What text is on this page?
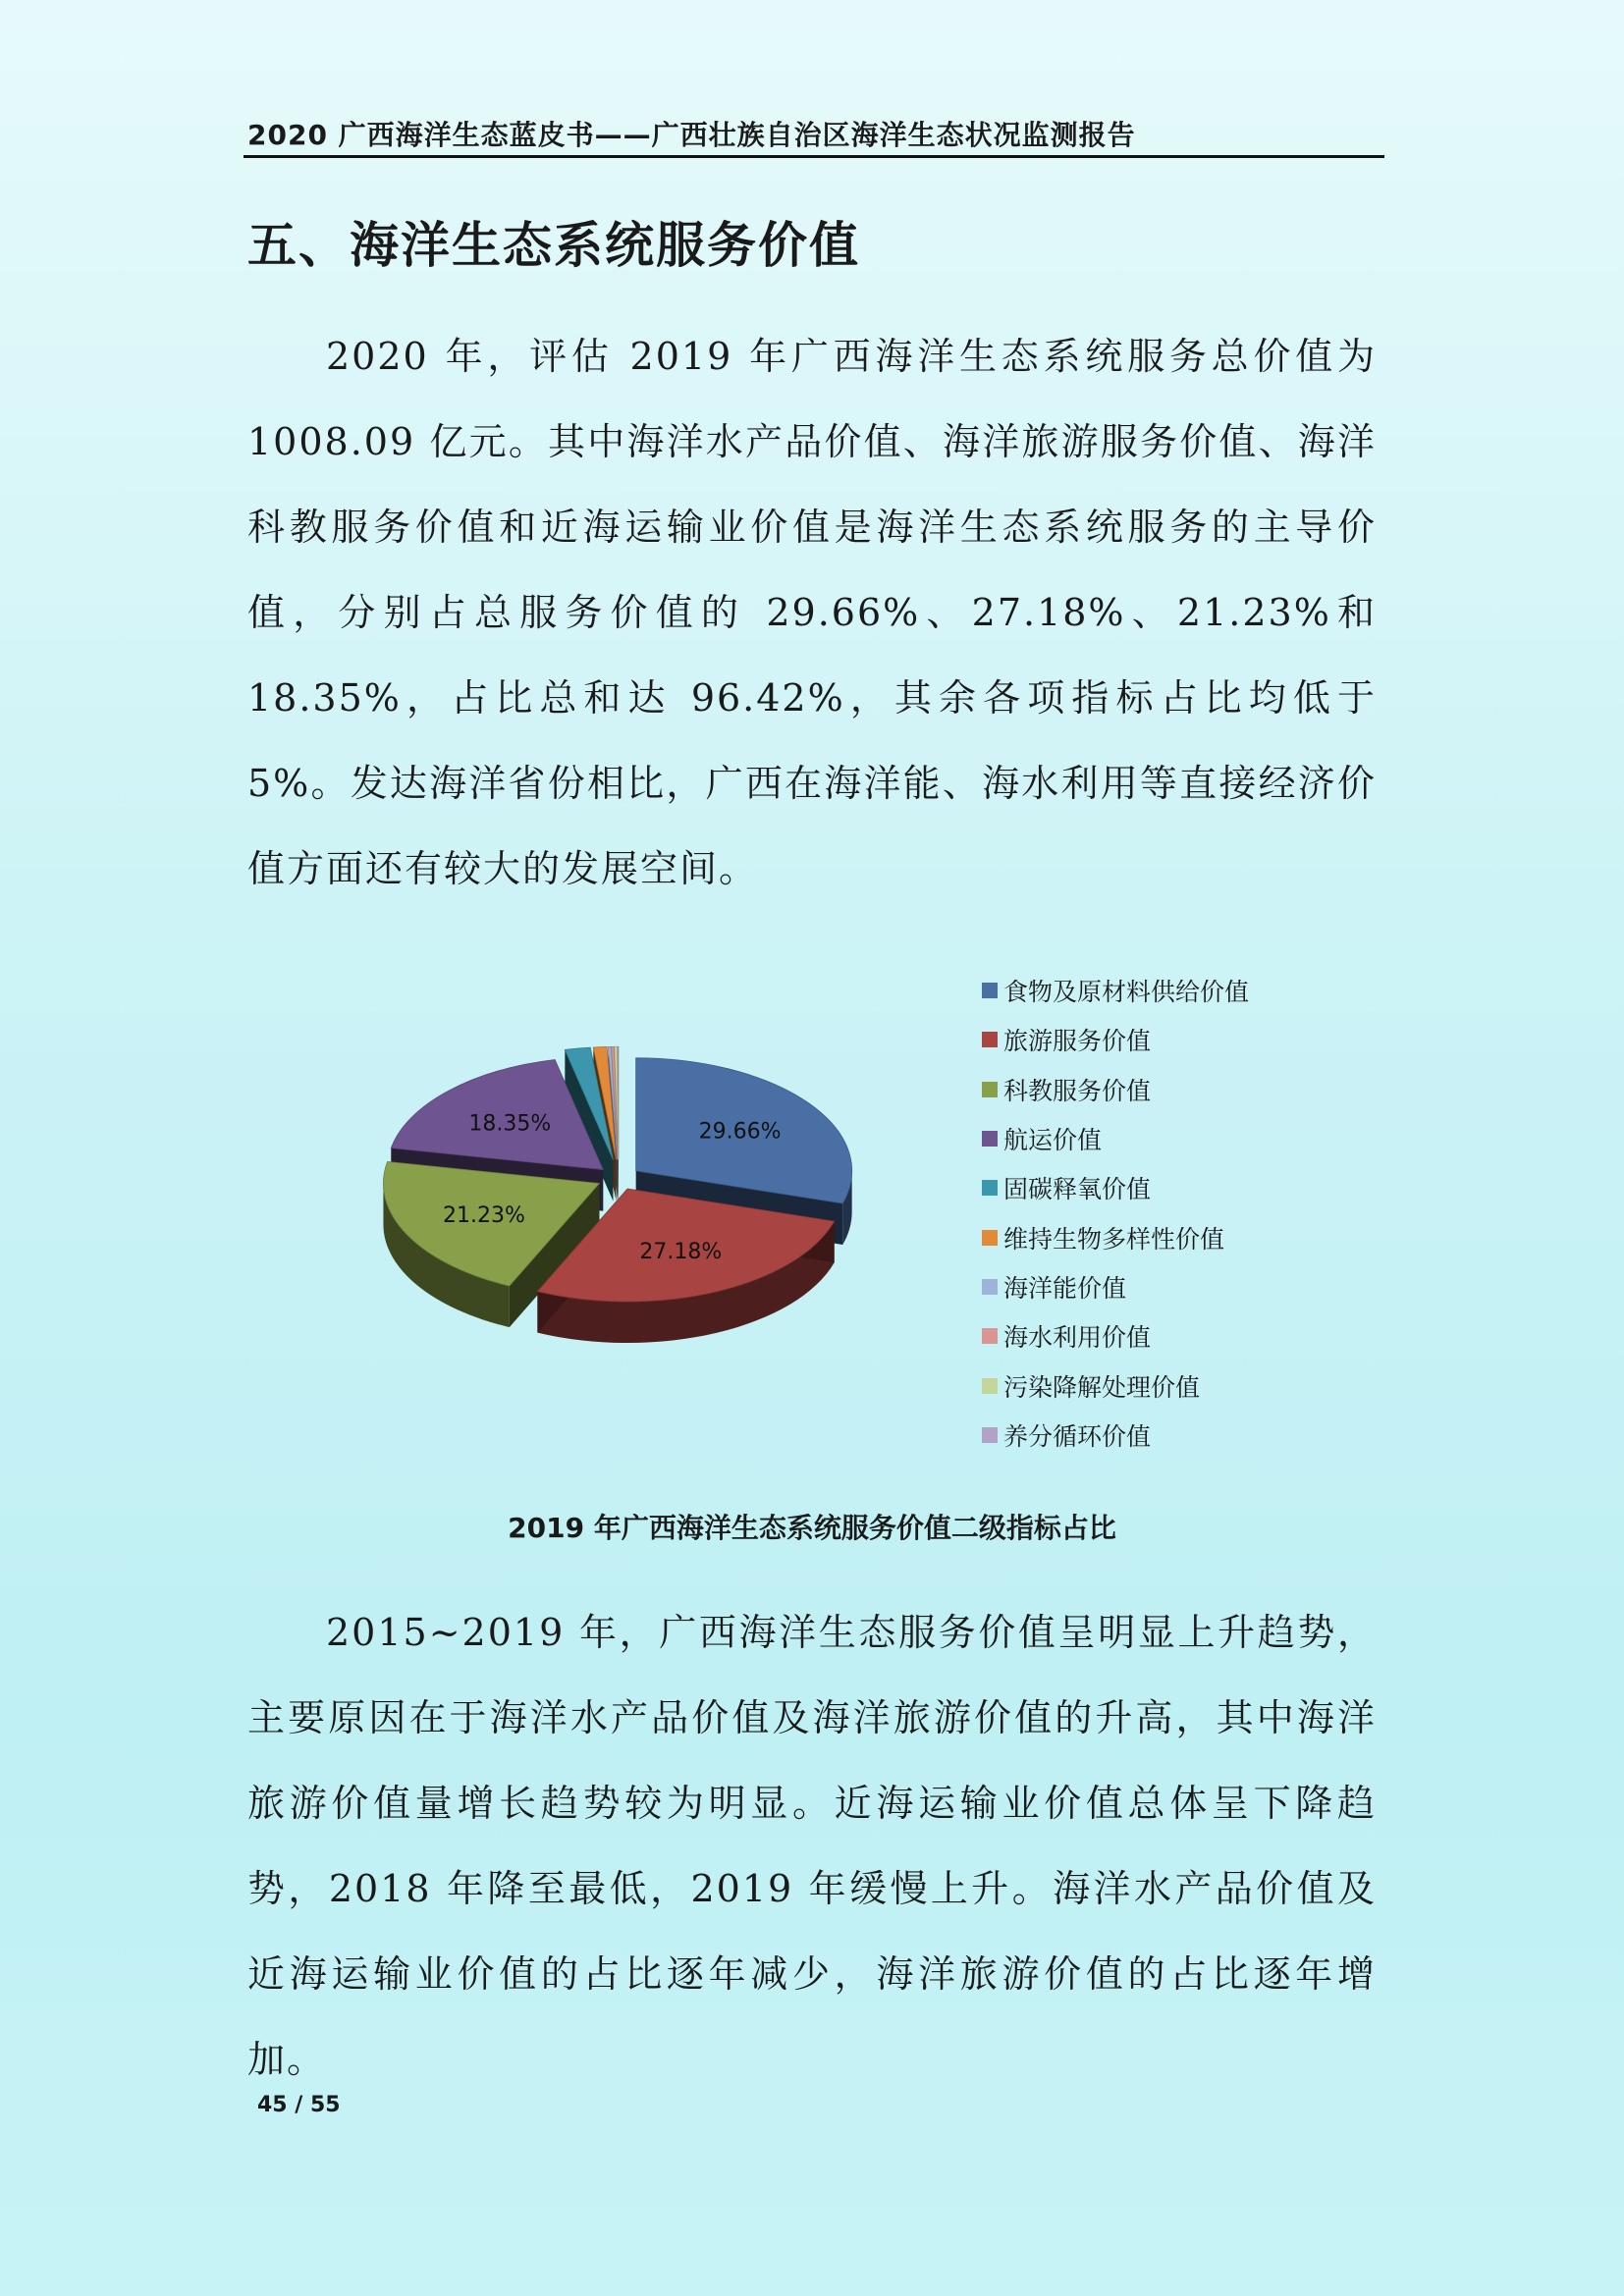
2020 广西海洋生态蓝皮书——广西壮族自治区海洋生态状况监测报告
五、海洋生态系统服务价值
2020 年，评估 2019 年广西海洋生态系统服务总价值为 1008.09 亿元。其中海洋水产品价值、海洋旅游服务价值、海洋科教服务价值和近海运输业价值是海洋生态系统服务的主导价值，分别占总服务价值的 29.66%、27.18%、21.23%和 18.35%，占比总和达 96.42%，其余各项指标占比均低于 5%。发达海洋省份相比，广西在海洋能、海水利用等直接经济价值方面还有较大的发展空间。
29.66%
27.18%
21.23%
18.35%
食物及原材料供给价值
旅游服务价值
科教服务价值
航运价值
固碳释氧价值
维持生物多样性价值
海洋能价值
海水利用价值
污染降解处理价值
养分循环价值
2019 年广西海洋生态系统服务价值二级指标占比
2015~2019 年，广西海洋生态服务价值呈明显上升趋势，主要原因在于海洋水产品价值及海洋旅游价值的升高，其中海洋旅游价值量增长趋势较为明显。近海运输业价值总体呈下降趋势，2018 年降至最低，2019 年缓慢上升。海洋水产品价值及近海运输业价值的占比逐年减少，海洋旅游价值的占比逐年增加。
45 / 55
